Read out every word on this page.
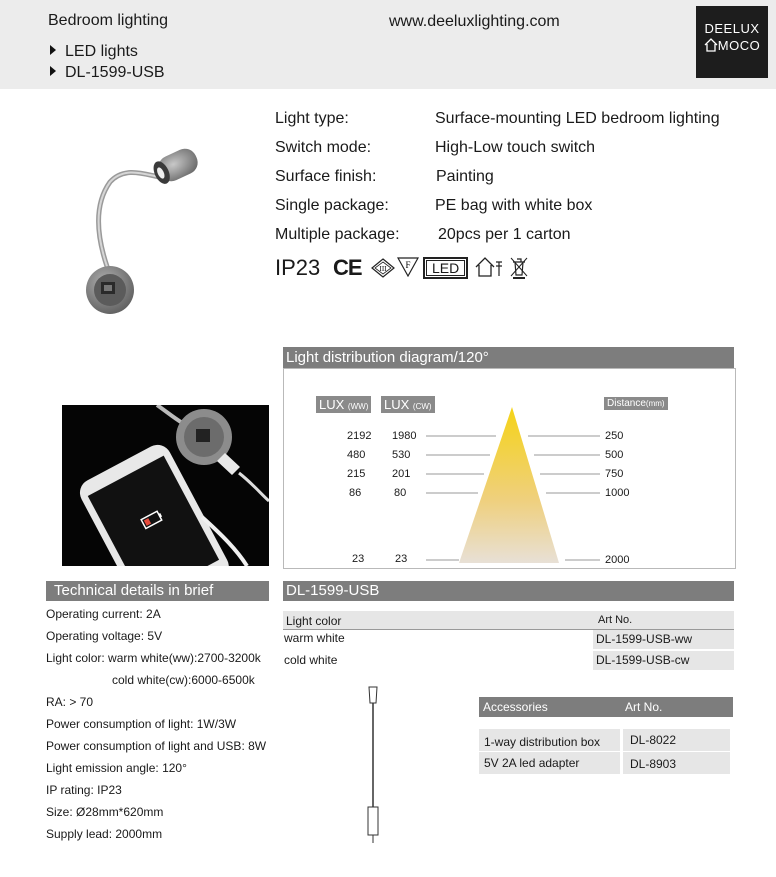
Bedroom lighting
LED lights
DL-1599-USB
www.deeluxlighting.com	DEELUX
MOCO
Light type:	Surface-mounting LED bedroom lighting
Switch mode:	High-Low touch switch
Surface finish:	Painting
Single package:	PE bag with white box
Multiple package: 20pcs per 1 carton
IP23 CE	III F	LED
Light distribution diagram/120°
LUX (WW) LUX (CW)	Distance(mm)
2192 1980	250
480 530	500
215 201	750
86	80	1000
23	23	2000
Technical details in brief
Operating current: 2A
Operating voltage: 5V
Light color: warm white(ww):2700-3200k
cold white(cw):6000-6500k
RA: > 70
Power consumption of light: 1W/3W
Power consumption of light and USB: 8W
Light emission angle: 120°
IP rating: IP23
Size: Ø28mm*620mm
Supply lead: 2000mm
DL-1599-USB
Light color	Art No.
warm white	DL-1599-USB-ww
cold white	DL-1599-USB-cw
Accessories	Art No.
1-way distribution box DL-8022
5V 2A led adapter	DL-8903
